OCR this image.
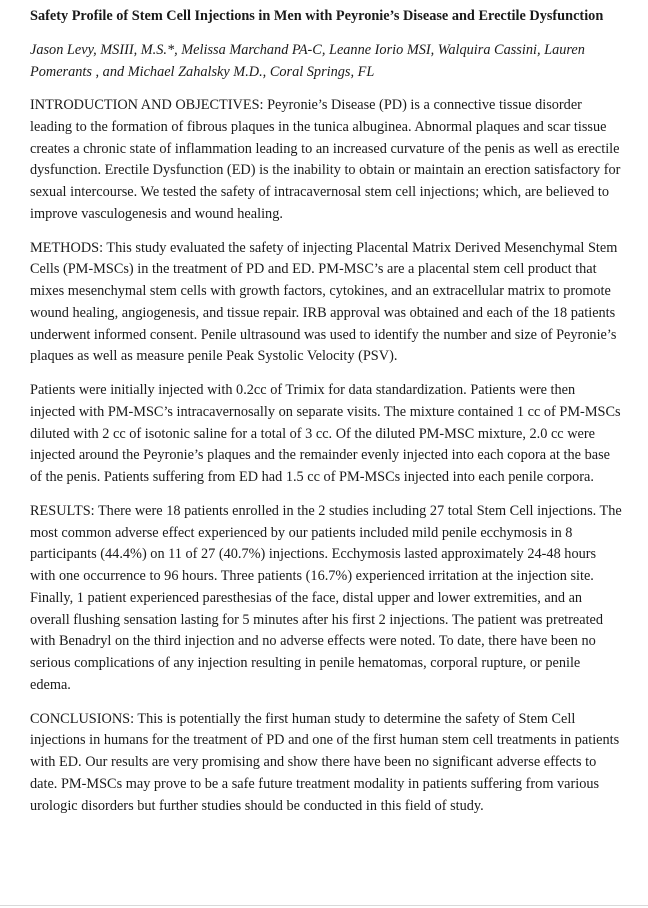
Safety Profile of Stem Cell Injections in Men with Peyronie’s Disease and Erectile Dysfunction
Jason Levy, MSIII, M.S.*, Melissa Marchand PA-C, Leanne Iorio MSI, Walquira Cassini, Lauren Pomerants , and Michael Zahalsky M.D., Coral Springs, FL

INTRODUCTION AND OBJECTIVES: Peyronie’s Disease (PD) is a connective tissue disorder leading to the formation of fibrous plaques in the tunica albuginea. Abnormal plaques and scar tissue creates a chronic state of inflammation leading to an increased curvature of the penis as well as erectile dysfunction. Erectile Dysfunction (ED) is the inability to obtain or maintain an erection satisfactory for sexual intercourse. We tested the safety of intracavernosal stem cell injections; which, are believed to improve vasculogenesis and wound healing.

METHODS: This study evaluated the safety of injecting Placental Matrix Derived Mesenchymal Stem Cells (PM-MSCs) in the treatment of PD and ED. PM-MSC’s are a placental stem cell product that mixes mesenchymal stem cells with growth factors, cytokines, and an extracellular matrix to promote wound healing, angiogenesis, and tissue repair. IRB approval was obtained and each of the 18 patients underwent informed consent. Penile ultrasound was used to identify the number and size of Peyronie’s plaques as well as measure penile Peak Systolic Velocity (PSV).

Patients were initially injected with 0.2cc of Trimix for data standardization. Patients were then injected with PM-MSC’s intracavernosally on separate visits. The mixture contained 1 cc of PM-MSCs diluted with 2 cc of isotonic saline for a total of 3 cc. Of the diluted PM-MSC mixture, 2.0 cc were injected around the Peyronie’s plaques and the remainder evenly injected into each copora at the base of the penis. Patients suffering from ED had 1.5 cc of PM-MSCs injected into each penile corpora.

RESULTS: There were 18 patients enrolled in the 2 studies including 27 total Stem Cell injections. The most common adverse effect experienced by our patients included mild penile ecchymosis in 8 participants (44.4%) on 11 of 27 (40.7%) injections. Ecchymosis lasted approximately 24-48 hours with one occurrence to 96 hours. Three patients (16.7%) experienced irritation at the injection site. Finally, 1 patient experienced paresthesias of the face, distal upper and lower extremities, and an overall flushing sensation lasting for 5 minutes after his first 2 injections. The patient was pretreated with Benadryl on the third injection and no adverse effects were noted. To date, there have been no serious complications of any injection resulting in penile hematomas, corporal rupture, or penile edema.

CONCLUSIONS: This is potentially the first human study to determine the safety of Stem Cell injections in humans for the treatment of PD and one of the first human stem cell treatments in patients with ED. Our results are very promising and show there have been no significant adverse effects to date. PM-MSCs may prove to be a safe future treatment modality in patients suffering from various urologic disorders but further studies should be conducted in this field of study.
